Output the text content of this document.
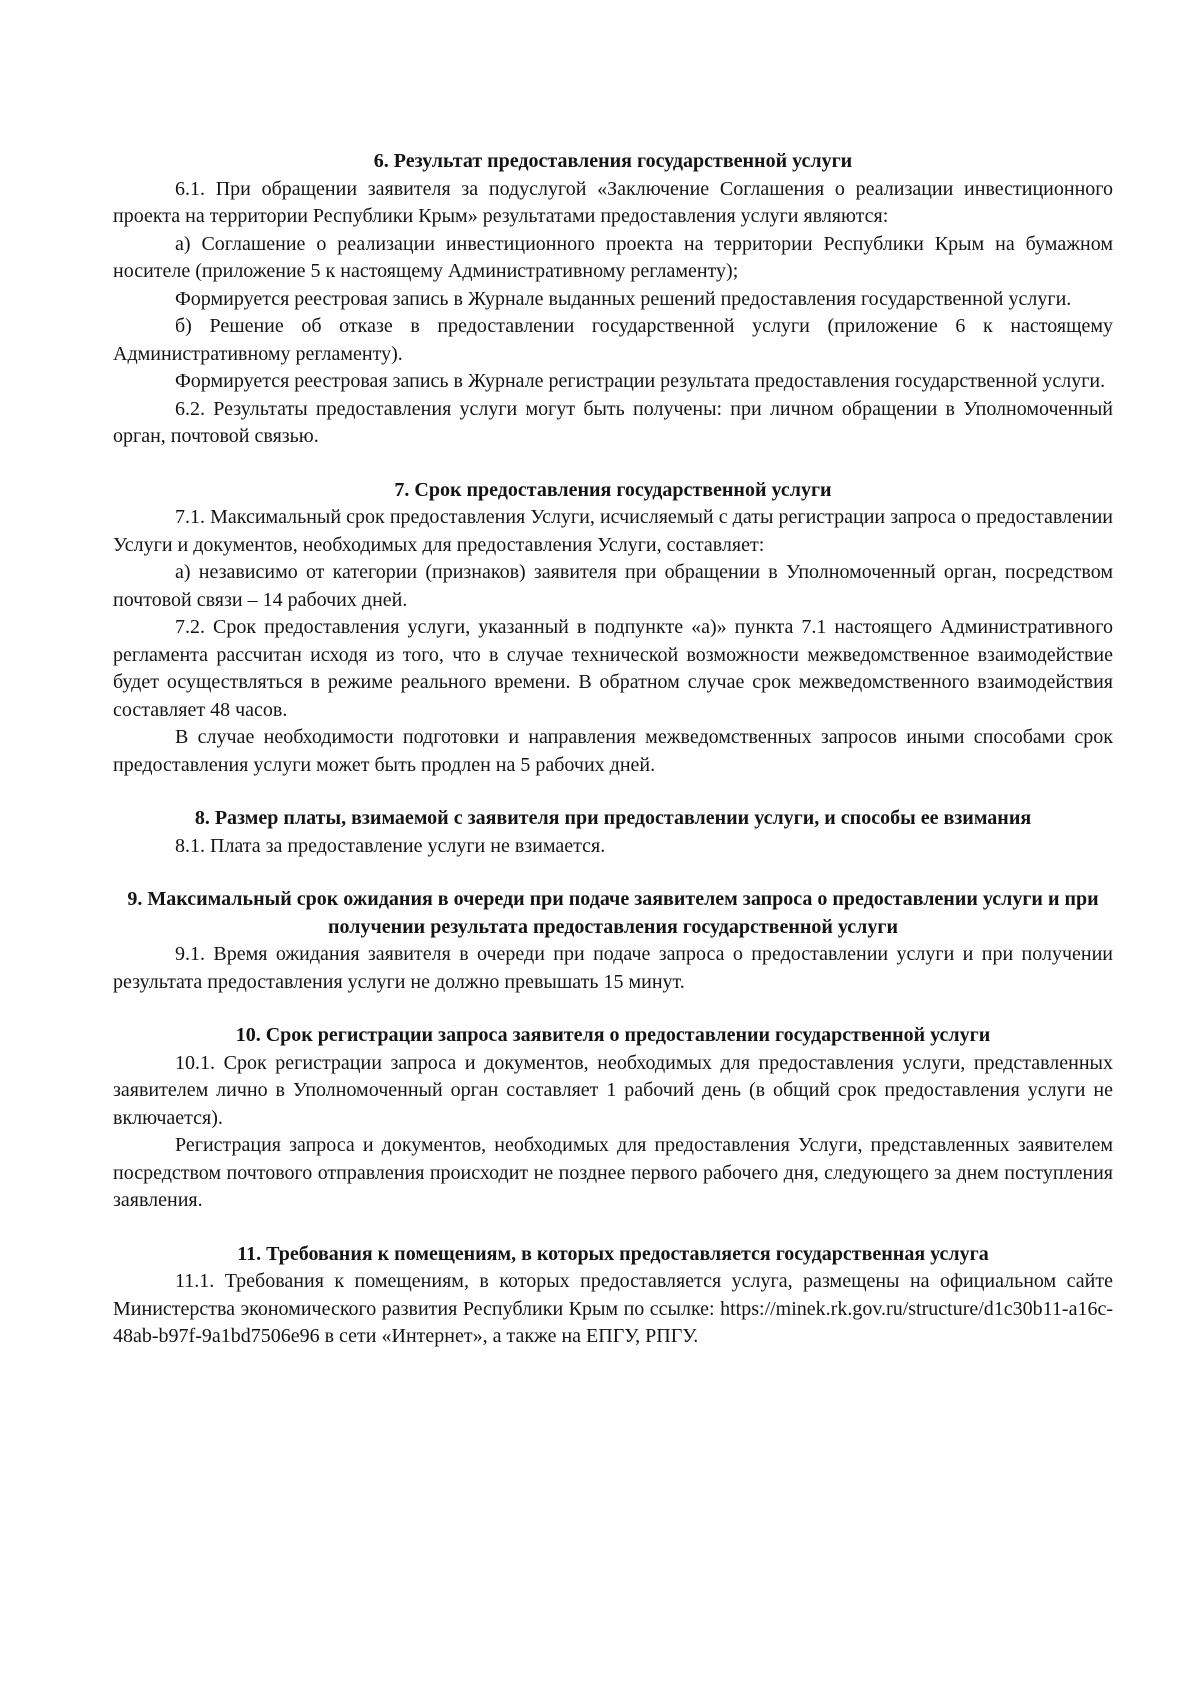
6. Результат предоставления государственной услуги

6.1. При обращении заявителя за подуслугой «Заключение Соглашения о реализации инвестиционного проекта на территории Республики Крым» результатами предоставления услуги являются:

а) Соглашение о реализации инвестиционного проекта на территории Республики Крым на бумажном носителе (приложение 5 к настоящему Административному регламенту);

Формируется реестровая запись в Журнале выданных решений предоставления государственной услуги.

б) Решение об отказе в предоставлении государственной услуги (приложение 6 к настоящему Административному регламенту).

Формируется реестровая запись в Журнале регистрации результата предоставления государственной услуги.

6.2. Результаты предоставления услуги могут быть получены: при личном обращении в Уполномоченный орган, почтовой связью.

7. Срок предоставления государственной услуги

7.1. Максимальный срок предоставления Услуги, исчисляемый с даты регистрации запроса о предоставлении Услуги и документов, необходимых для предоставления Услуги, составляет:

а) независимо от категории (признаков) заявителя при обращении в Уполномоченный орган, посредством почтовой связи – 14 рабочих дней.

7.2. Срок предоставления услуги, указанный в подпункте «а)» пункта 7.1 настоящего Административного регламента рассчитан исходя из того, что в случае технической возможности межведомственное взаимодействие будет осуществляться в режиме реального времени. В обратном случае срок межведомственного взаимодействия составляет 48 часов.

В случае необходимости подготовки и направления межведомственных запросов иными способами срок предоставления услуги может быть продлен на 5 рабочих дней.

8. Размер платы, взимаемой с заявителя при предоставлении услуги, и способы ее взимания

8.1. Плата за предоставление услуги не взимается.

9. Максимальный срок ожидания в очереди при подаче заявителем запроса о предоставлении услуги и при получении результата предоставления государственной услуги

9.1. Время ожидания заявителя в очереди при подаче запроса о предоставлении услуги и при получении результата предоставления услуги не должно превышать 15 минут.

10. Срок регистрации запроса заявителя о предоставлении государственной услуги

10.1. Срок регистрации запроса и документов, необходимых для предоставления услуги, представленных заявителем лично в Уполномоченный орган составляет 1 рабочий день (в общий срок предоставления услуги не включается).

Регистрация запроса и документов, необходимых для предоставления Услуги, представленных заявителем посредством почтового отправления происходит не позднее первого рабочего дня, следующего за днем поступления заявления.

11. Требования к помещениям, в которых предоставляется государственная услуга

11.1. Требования к помещениям, в которых предоставляется услуга, размещены на официальном сайте Министерства экономического развития Республики Крым по ссылке: https://minek.rk.gov.ru/structure/d1c30b11-a16c-48ab-b97f-9a1bd7506e96 в сети «Интернет», а также на ЕПГУ, РПГУ.
